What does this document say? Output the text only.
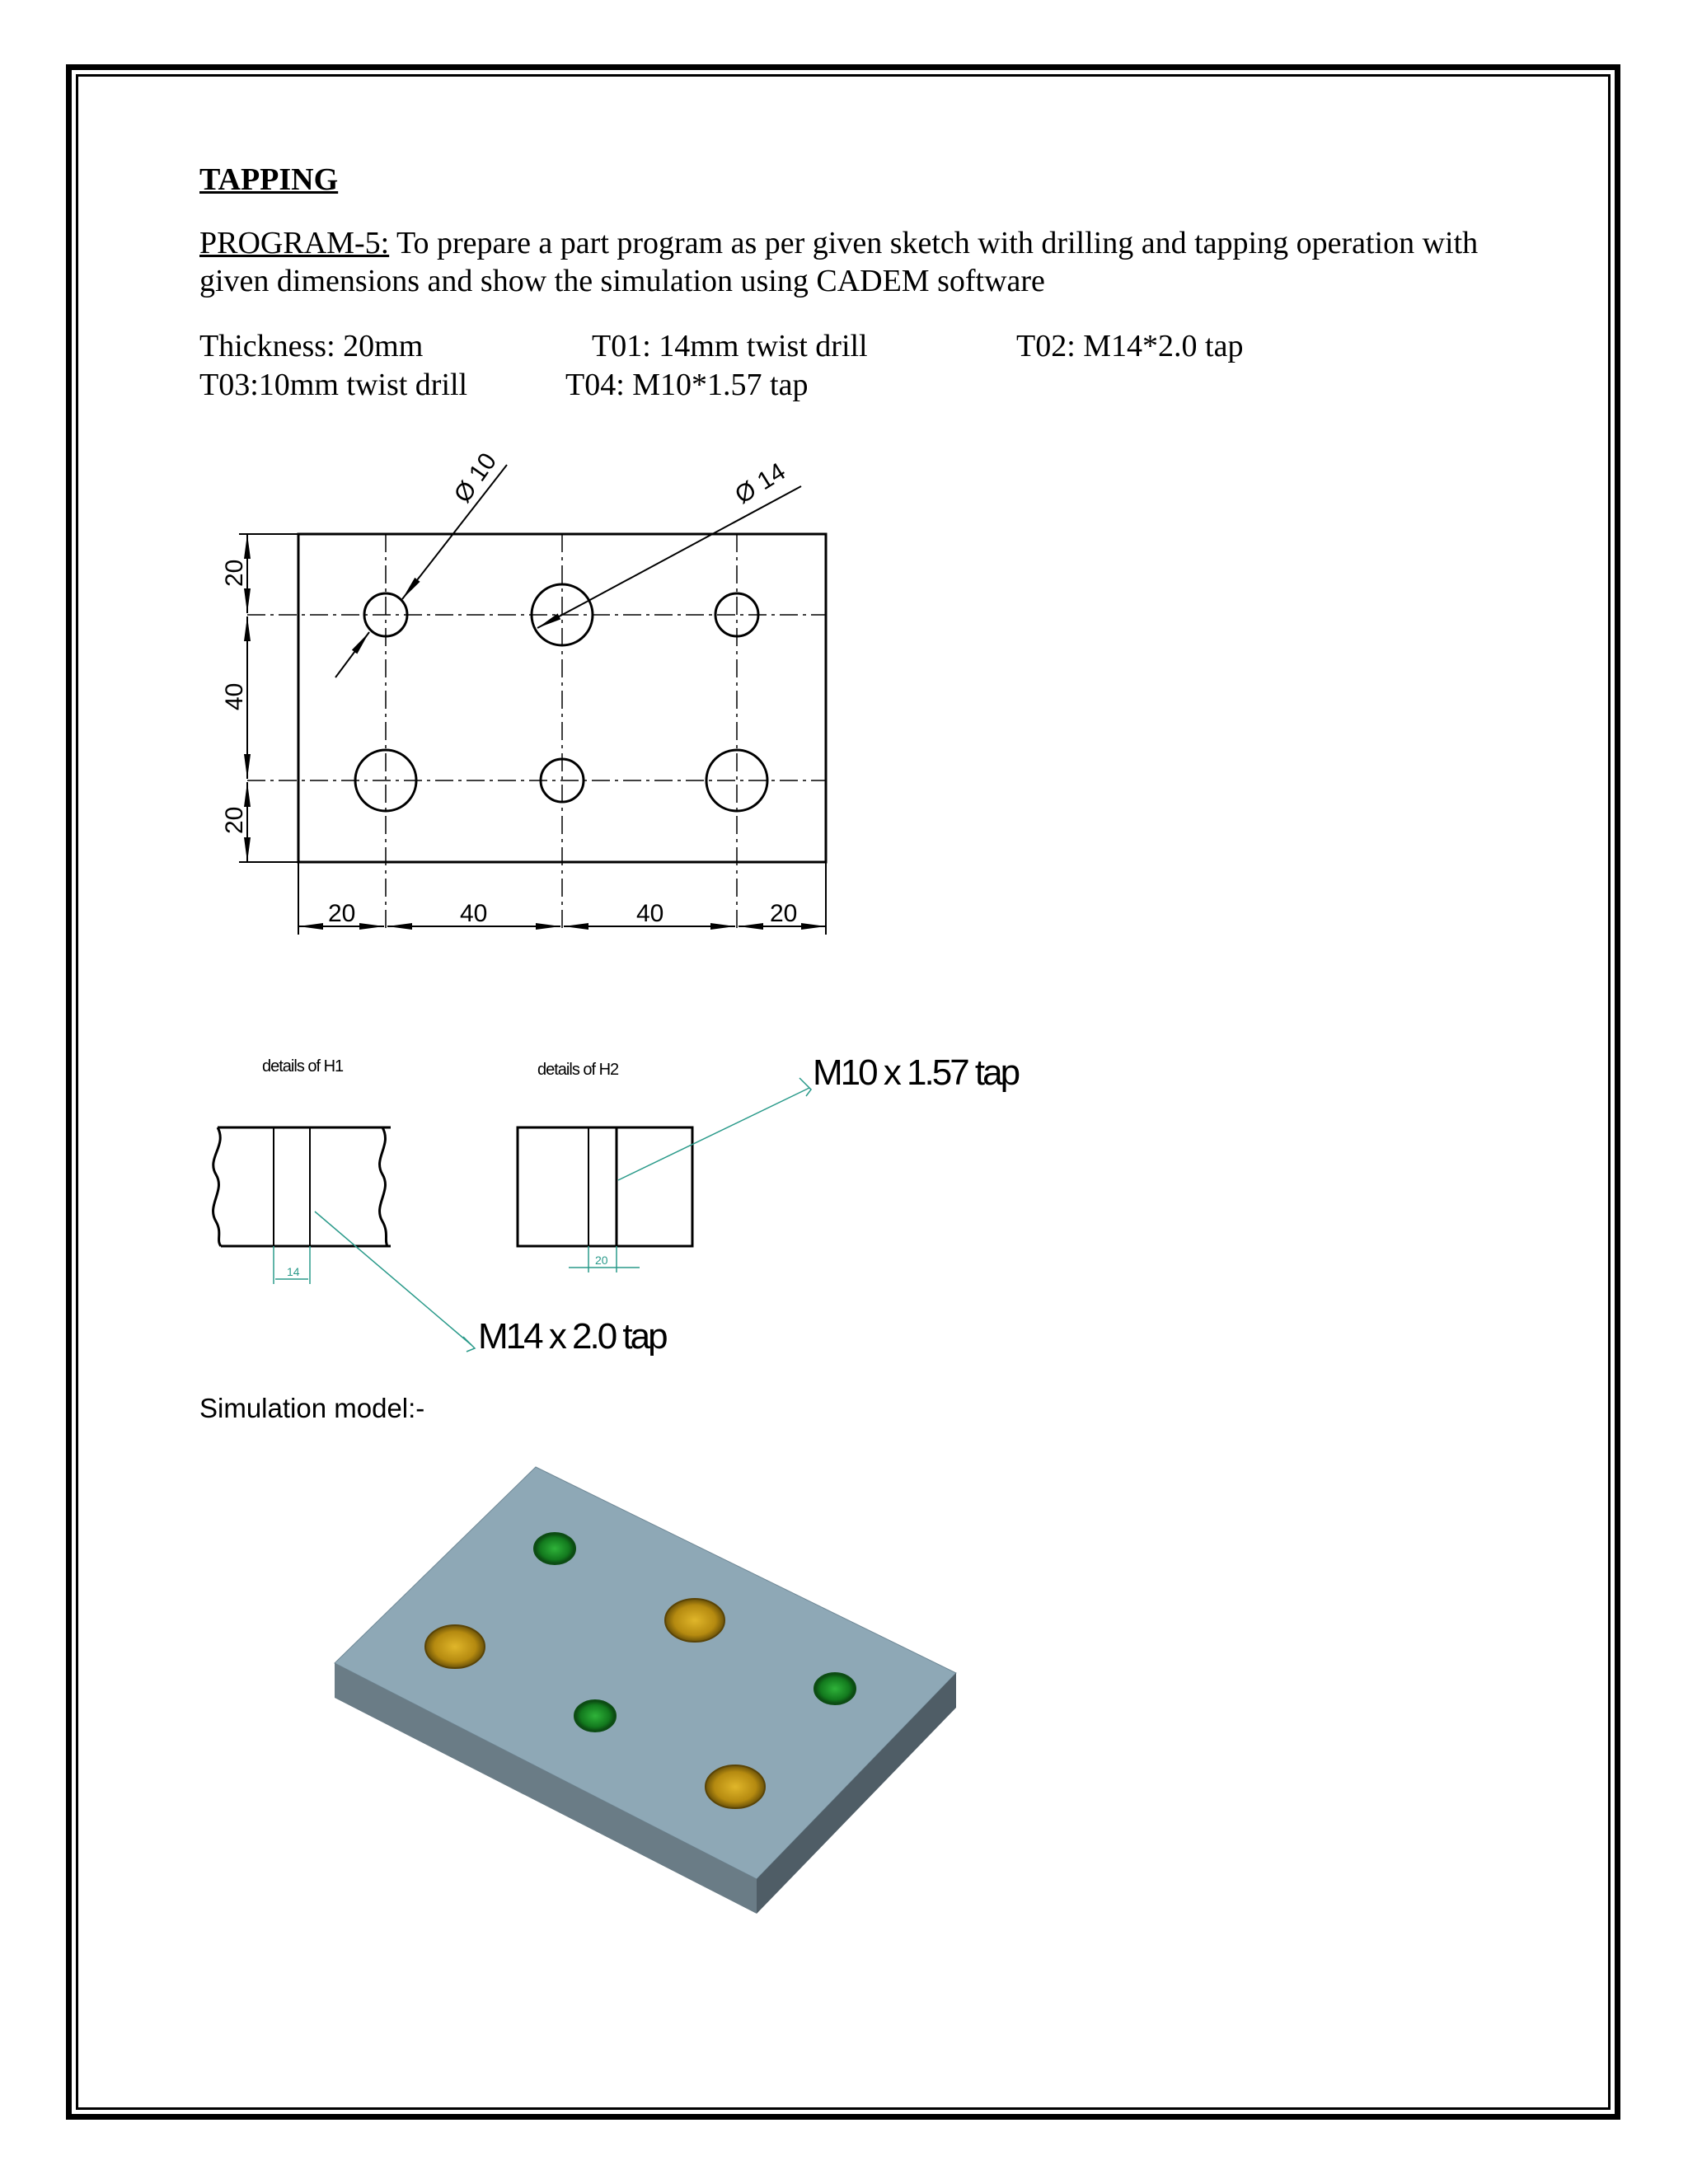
TAPPING
PROGRAM-5: To prepare a part program as per given sketch with drilling and tapping operation with given dimensions and show the simulation using CADEM software
Thickness: 20mm	T01: 14mm twist drill	T02: M14*2.0 tap
T03:10mm twist drill	T04: M10*1.57 tap
Ø 10	Ø 14
20
40
20
20	40	40	20
details of H1
14
details of H2
20
M10 x 1.57 tap
M14 x 2.0 tap
Simulation model:-
